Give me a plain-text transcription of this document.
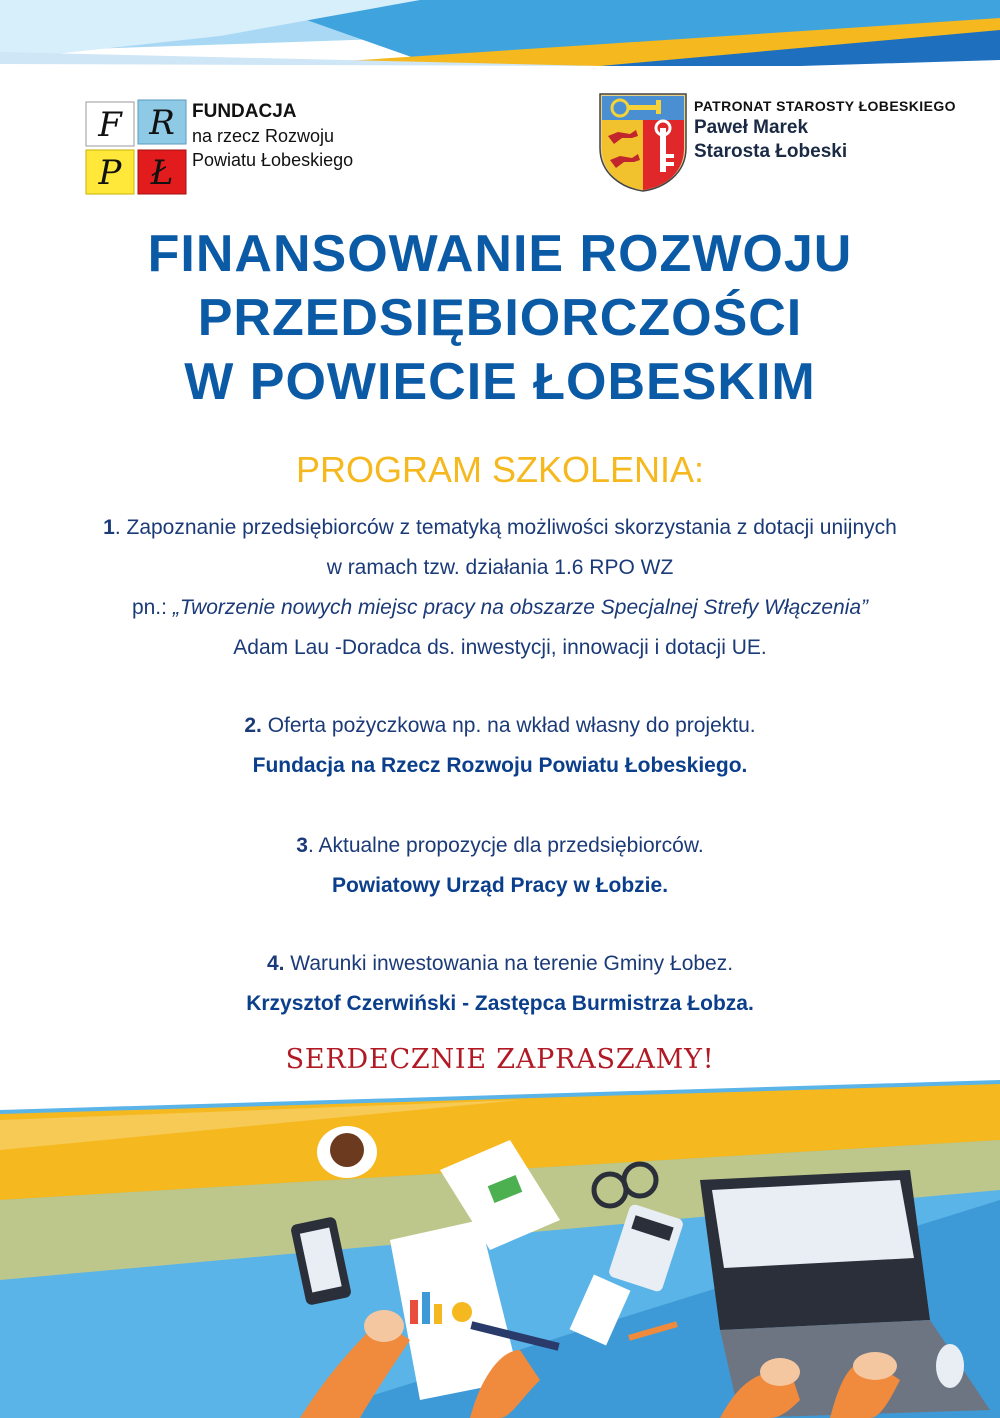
F R
P Ł
FUNDACJA
na rzecz Rozwoju
Powiatu Łobeskiego
PATRONAT STAROSTY ŁOBESKIEGO
Paweł Marek
Starosta Łobeski
FINANSOWANIE ROZWOJU
PRZEDSIĘBIORCZOŚCI
W POWIECIE ŁOBESKIM
PROGRAM SZKOLENIA:
1. Zapoznanie przedsiębiorców z tematyką możliwości skorzystania z dotacji unijnych
w ramach tzw. działania 1.6 RPO WZ
pn.: „Tworzenie nowych miejsc pracy na obszarze Specjalnej Strefy Włączenia”
Adam Lau -Doradca ds. inwestycji, innowacji i dotacji UE.
2. Oferta pożyczkowa np. na wkład własny do projektu.
Fundacja na Rzecz Rozwoju Powiatu Łobeskiego.
3. Aktualne propozycje dla przedsiębiorców.
Powiatowy Urząd Pracy w Łobzie.
4. Warunki inwestowania na terenie Gminy Łobez.
Krzysztof Czerwiński - Zastępca Burmistrza Łobza.
SERDECZNIE ZAPRASZAMY!
